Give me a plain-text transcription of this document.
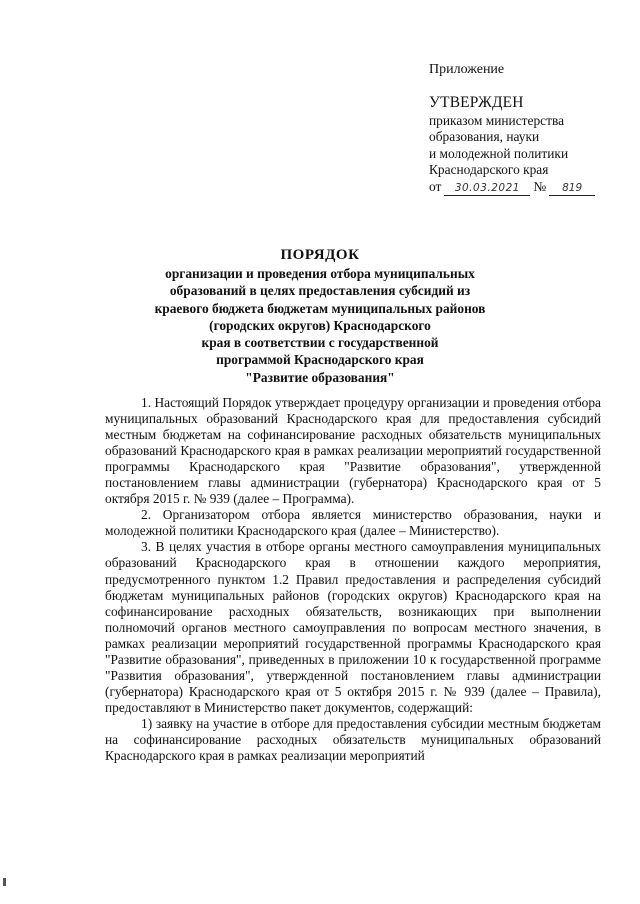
Приложение
УТВЕРЖДЕН
приказом министерства
образования, науки
и молодежной политики
Краснодарского края
от	30.03.2021	№	819
ПОРЯДОК
организации и проведения отбора муниципальных
образований в целях предоставления субсидий из
краевого бюджета бюджетам муниципальных районов
(городских округов) Краснодарского
края в соответствии с государственной
программой Краснодарского края
"Развитие образования"

1. Настоящий Порядок утверждает процедуру организации и проведения отбора муниципальных образований Краснодарского края для предоставления субсидий местным бюджетам на софинансирование расходных обязательств муниципальных образований Краснодарского края в рамках реализации мероприятий государственной программы Краснодарского края "Развитие образования", утвержденной постановлением главы администрации (губернатора) Краснодарского края от 5 октября 2015 г. № 939 (далее – Программа).

2. Организатором отбора является министерство образования, науки и молодежной политики Краснодарского края (далее – Министерство).

3. В целях участия в отборе органы местного самоуправления муниципальных образований Краснодарского края в отношении каждого мероприятия, предусмотренного пунктом 1.2 Правил предоставления и распределения субсидий бюджетам муниципальных районов (городских округов) Краснодарского края на софинансирование расходных обязательств, возникающих при выполнении полномочий органов местного самоуправления по вопросам местного значения, в рамках реализации мероприятий государственной программы Краснодарского края "Развитие образования", приведенных в приложении 10 к государственной программе "Развития образования", утвержденной постановлением главы администрации (губернатора) Краснодарского края от 5 октября 2015 г. № 939 (далее – Правила), предоставляют в Министерство пакет документов, содержащий:

1) заявку на участие в отборе для предоставления субсидии местным бюджетам на софинансирование расходных обязательств муниципальных образований Краснодарского края в рамках реализации мероприятий
